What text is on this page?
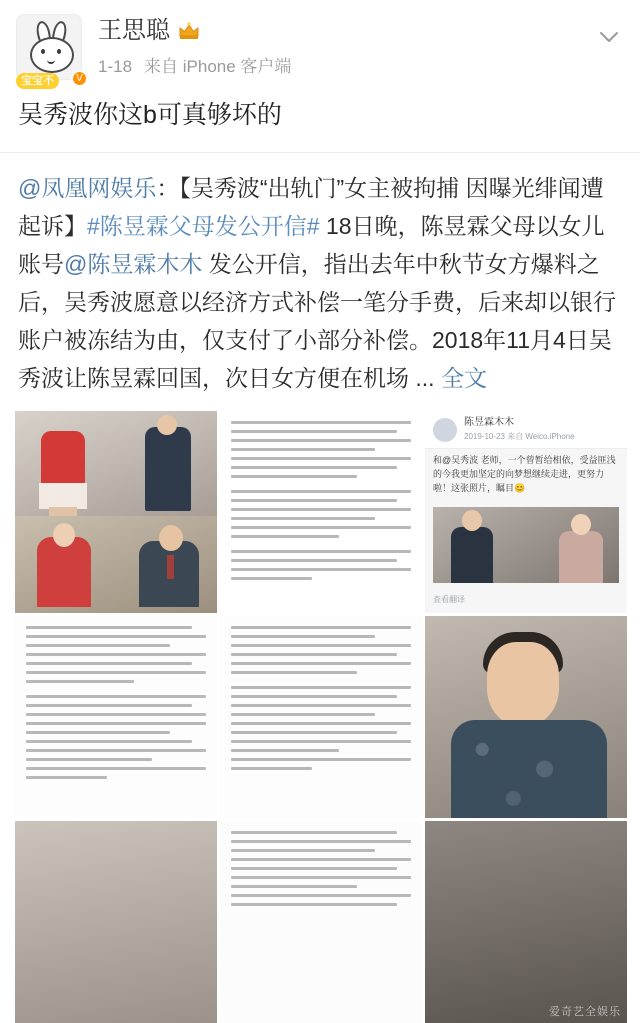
宝宝不	V
王思聪
1-18 来自 iPhone 客户端
吴秀波你这b可真够坏的
@凤凰网娱乐：【吴秀波“出轨门”女主被拘捕 因曝光绯闻遭起诉】#陈昱霖父母发公开信# 18日晚，陈昱霖父母以女儿账号@陈昱霖木木 发公开信，指出去年中秋节女方爆料之后，吴秀波愿意以经济方式补偿一笔分手费，后来却以银行账户被冻结为由，仅支付了小部分补偿。2018年11月4日吴秀波让陈昱霖回国，次日女方便在机场 ... 全文
陈昱霖木木
2019-10-23 来自 Weico.iPhone
和@吴秀波 老师，一个曾暂给相依，受益匪浅的今我更加坚定的向梦想继续走进，更努力啦！这张照片，瞩目😊
查看翻译
爱奇艺全娱乐
